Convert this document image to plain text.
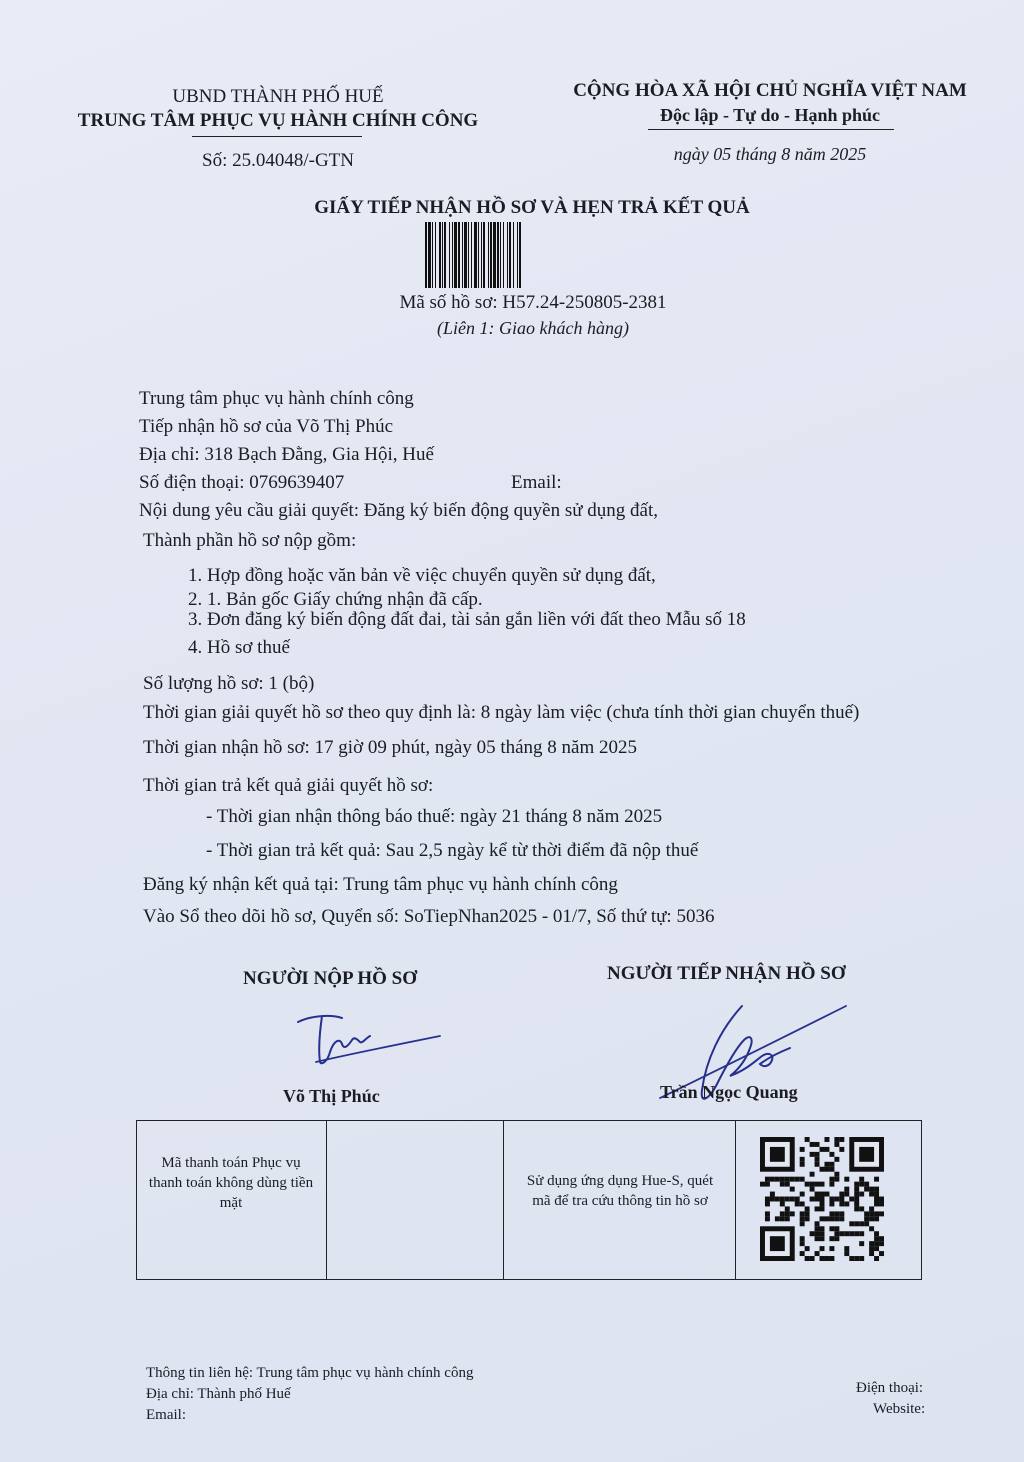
UBND THÀNH PHỐ HUẾ
TRUNG TÂM PHỤC VỤ HÀNH CHÍNH CÔNG
Số: 25.04048/-GTN
CỘNG HÒA XÃ HỘI CHỦ NGHĨA VIỆT NAM
Độc lập - Tự do - Hạnh phúc
ngày 05 tháng 8 năm 2025
GIẤY TIẾP NHẬN HỒ SƠ VÀ HẸN TRẢ KẾT QUẢ
Mã số hồ sơ: H57.24-250805-2381
(Liên 1: Giao khách hàng)
Trung tâm phục vụ hành chính công
Tiếp nhận hồ sơ của Võ Thị Phúc
Địa chỉ: 318 Bạch Đằng, Gia Hội, Huế
Số điện thoại: 0769639407	Email:
Nội dung yêu cầu giải quyết: Đăng ký biến động quyền sử dụng đất,
Thành phần hồ sơ nộp gồm:
1. Hợp đồng hoặc văn bản về việc chuyển quyền sử dụng đất,
2. 1. Bản gốc Giấy chứng nhận đã cấp.
3. Đơn đăng ký biến động đất đai, tài sản gắn liền với đất theo Mẫu số 18
4. Hồ sơ thuế
Số lượng hồ sơ: 1 (bộ)
Thời gian giải quyết hồ sơ theo quy định là: 8 ngày làm việc (chưa tính thời gian chuyển thuế)
Thời gian nhận hồ sơ: 17 giờ 09 phút, ngày 05 tháng 8 năm 2025
Thời gian trả kết quả giải quyết hồ sơ:
- Thời gian nhận thông báo thuế: ngày 21 tháng 8 năm 2025
- Thời gian trả kết quả: Sau 2,5 ngày kể từ thời điểm đã nộp thuế
Đăng ký nhận kết quả tại: Trung tâm phục vụ hành chính công
Vào Sổ theo dõi hồ sơ, Quyển số: SoTiepNhan2025 - 01/7, Số thứ tự: 5036
NGƯỜI NỘP HỒ SƠ	NGƯỜI TIẾP NHẬN HỒ SƠ
Võ Thị Phúc	Trần Ngọc Quang
Mã thanh toán Phục vụ thanh toán không dùng tiền mặt
Sử dụng ứng dụng Hue-S, quét mã để tra cứu thông tin hồ sơ
Thông tin liên hệ: Trung tâm phục vụ hành chính công
Địa chỉ: Thành phố Huế
Email:
Điện thoại:
Website:
